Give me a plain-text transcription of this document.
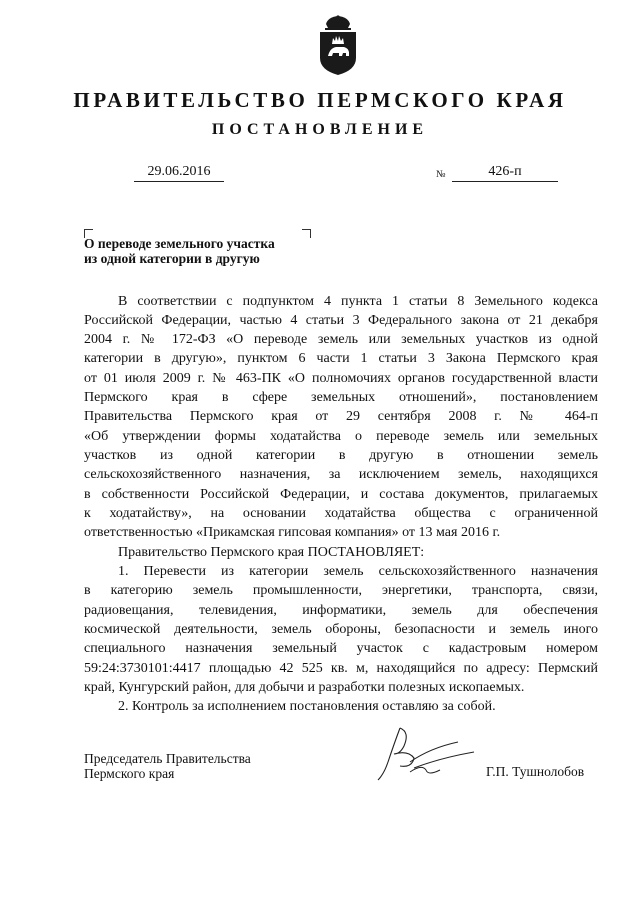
ПРАВИТЕЛЬСТВО ПЕРМСКОГО КРАЯ
ПОСТАНОВЛЕНИЕ
29.06.2016	№	426-п
О переводе земельного участка
из одной категории в другую
В соответствии с подпунктом 4 пункта 1 статьи 8 Земельного кодекса
Российской Федерации, частью 4 статьи 3 Федерального закона от 21 декабря
2004 г. № 172-ФЗ «О переводе земель или земельных участков из одной
категории в другую», пунктом 6 части 1 статьи 3 Закона Пермского края
от 01 июля 2009 г. № 463-ПК «О полномочиях органов государственной власти
Пермского края в сфере земельных отношений», постановлением
Правительства Пермского края от 29 сентября 2008 г. № 464-п
«Об утверждении формы ходатайства о переводе земель или земельных
участков из одной категории в другую в отношении земель
сельскохозяйственного назначения, за исключением земель, находящихся
в собственности Российской Федерации, и состава документов, прилагаемых
к ходатайству», на основании ходатайства общества с ограниченной
ответственностью «Прикамская гипсовая компания» от 13 мая 2016 г.
Правительство Пермского края ПОСТАНОВЛЯЕТ:
1. Перевести из категории земель сельскохозяйственного назначения
в категорию земель промышленности, энергетики, транспорта, связи,
радиовещания, телевидения, информатики, земель для обеспечения
космической деятельности, земель обороны, безопасности и земель иного
специального назначения земельный участок с кадастровым номером
59:24:3730101:4417 площадью 42 525 кв. м, находящийся по адресу: Пермский
край, Кунгурский район, для добычи и разработки полезных ископаемых.
2. Контроль за исполнением постановления оставляю за собой.
Председатель Правительства
Пермского края	Г.П. Тушнолобов
